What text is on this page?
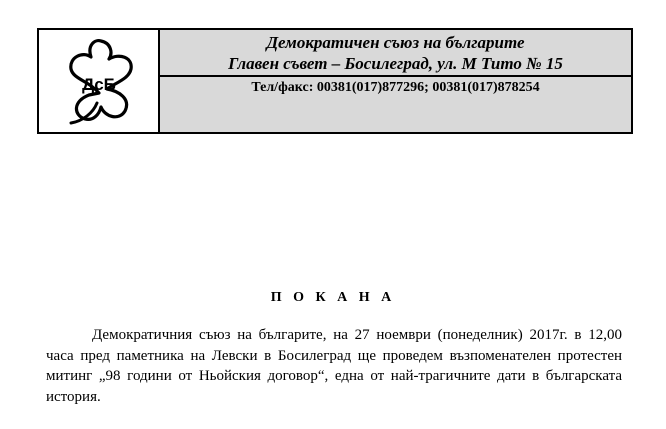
ДсБ
Демократичен съюз на българите
Главен съвет – Босилеград, ул. М Тито № 15
Тел/факс: 00381(017)877296; 00381(017)878254
П О К А Н А

Демократичния съюз на българите, на 27 ноември (понеделник) 2017г. в 12,00 часа пред паметника на Левски в Босилеград ще проведем възпоменателен протестен митинг „98 години от Ньойския договор“, една от най-трагичните дати в българската история.
